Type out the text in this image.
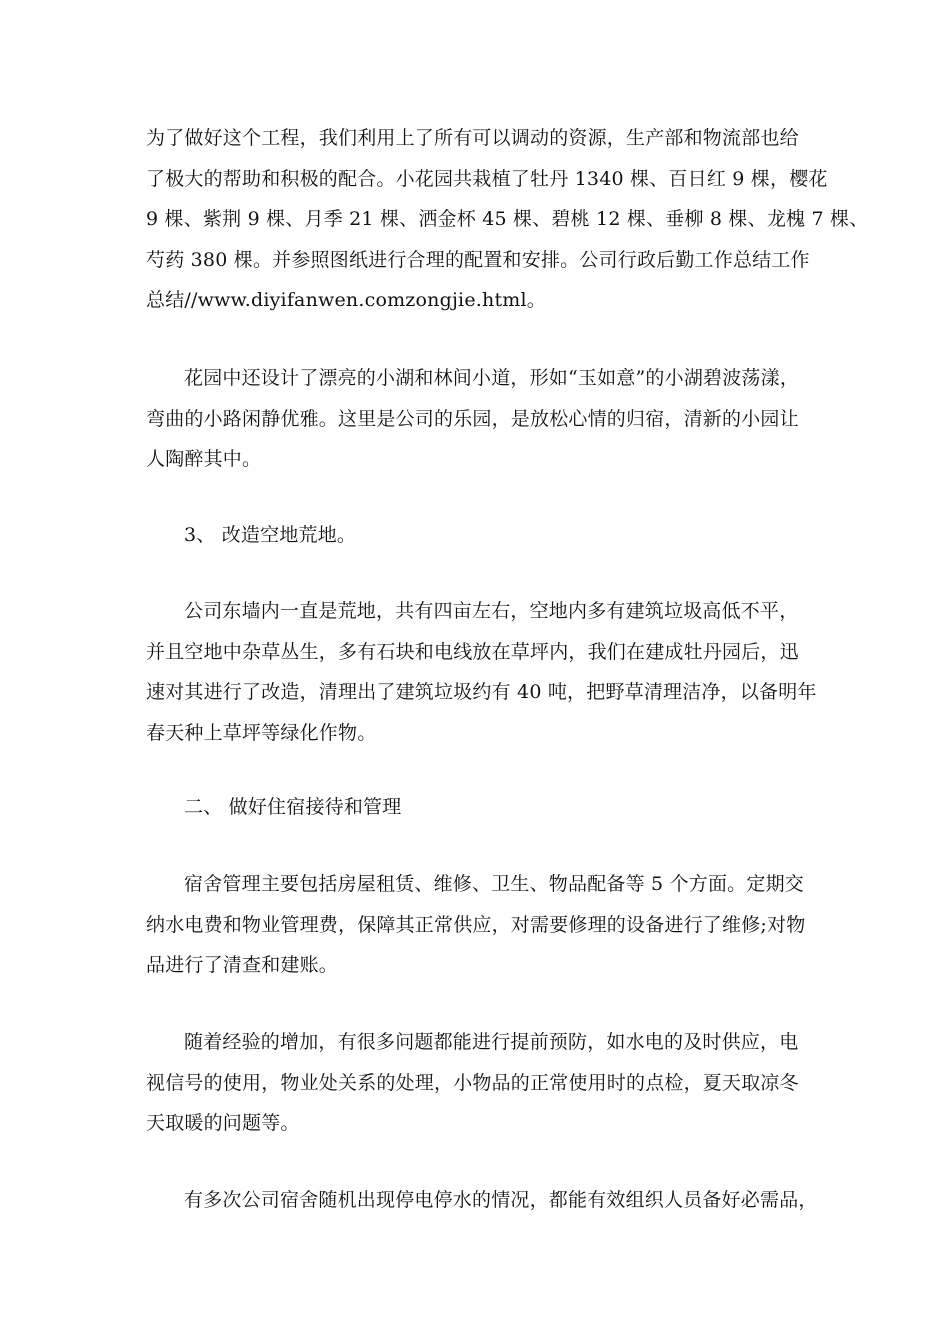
为了做好这个工程，我们利用上了所有可以调动的资源，生产部和物流部也给
了极大的帮助和积极的配合。小花园共栽植了牡丹 1340 棵、百日红 9 棵，樱花
9 棵、紫荆 9 棵、月季 21 棵、洒金杯 45 棵、碧桃 12 棵、垂柳 8 棵、龙槐 7 棵、
芍药 380 棵。并参照图纸进行合理的配置和安排。公司行政后勤工作总结工作
总结//www.diyifanwen.comzongjie.html。
花园中还设计了漂亮的小湖和林间小道，形如“玉如意”的小湖碧波荡漾，
弯曲的小路闲静优雅。这里是公司的乐园，是放松心情的归宿，清新的小园让
人陶醉其中。
3、 改造空地荒地。
公司东墙内一直是荒地，共有四亩左右，空地内多有建筑垃圾高低不平，
并且空地中杂草丛生，多有石块和电线放在草坪内，我们在建成牡丹园后，迅
速对其进行了改造，清理出了建筑垃圾约有 40 吨，把野草清理洁净，以备明年
春天种上草坪等绿化作物。
二、 做好住宿接待和管理
宿舍管理主要包括房屋租赁、维修、卫生、物品配备等 5 个方面。定期交
纳水电费和物业管理费，保障其正常供应，对需要修理的设备进行了维修;对物
品进行了清查和建账。
随着经验的增加，有很多问题都能进行提前预防，如水电的及时供应，电
视信号的使用，物业处关系的处理，小物品的正常使用时的点检，夏天取凉冬
天取暖的问题等。
有多次公司宿舍随机出现停电停水的情况，都能有效组织人员备好必需品，
